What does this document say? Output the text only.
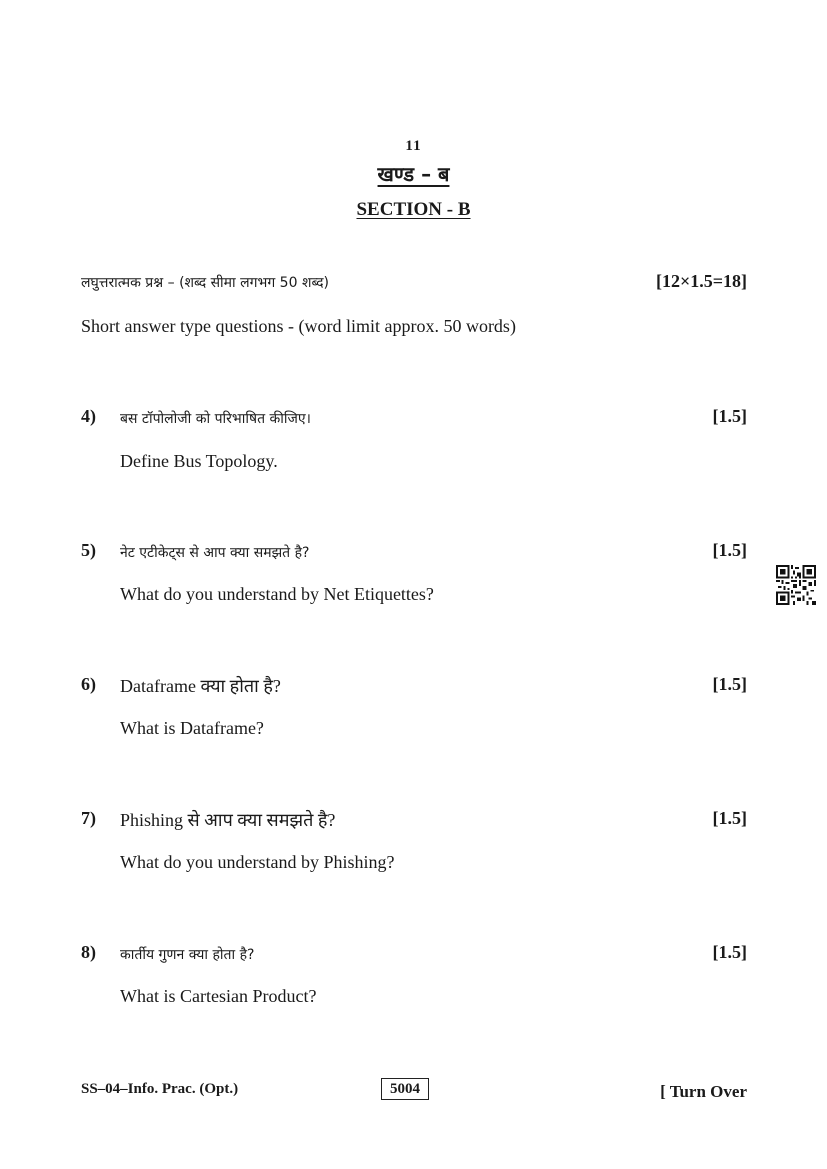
11
खण्ड – ब
SECTION - B
लघुत्तरात्मक प्रश्न – (शब्द सीमा लगभग 50 शब्द)	[12×1.5=18]
Short answer type questions - (word limit approx. 50 words)
4) बस टॉपोलोजी को परिभाषित कीजिए।	[1.5]
Define Bus Topology.
5) नेट एटीकेट्स से आप क्या समझते है?	[1.5]
What do you understand by Net Etiquettes?
6) Dataframe क्या होता है?	[1.5]
What is Dataframe?
7) Phishing से आप क्या समझते है?	[1.5]
What do you understand by Phishing?
8) कार्तीय गुणन क्या होता है?	[1.5]
What is Cartesian Product?
SS–04–Info. Prac. (Opt.)	5004	[ Turn Over
